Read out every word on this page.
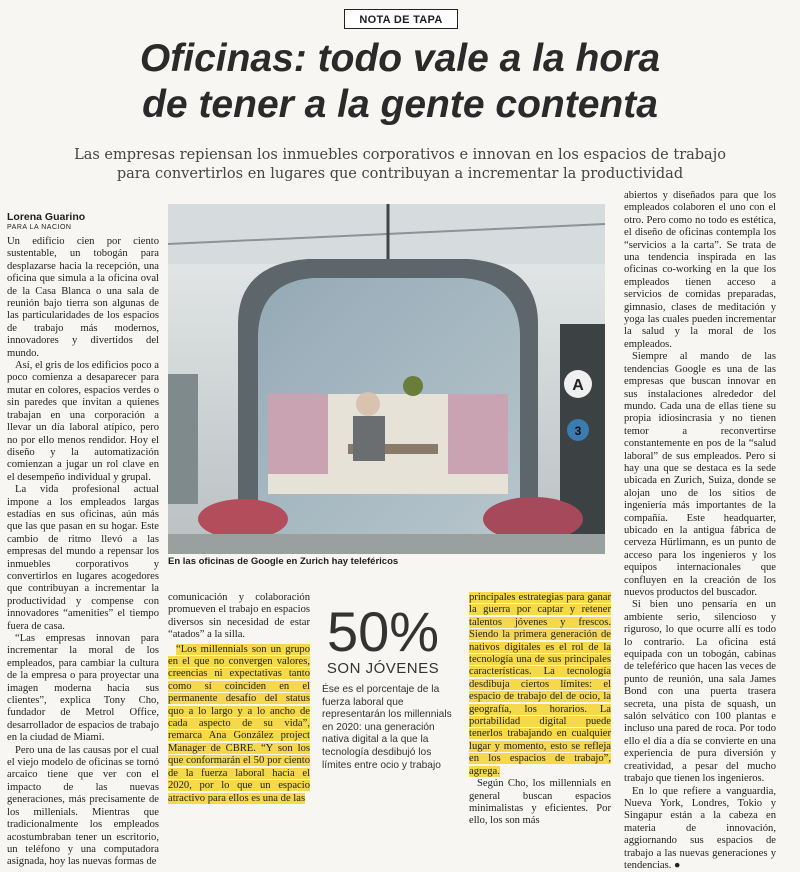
NOTA DE TAPA
Oficinas: todo vale a la hora
de tener a la gente contenta
Las empresas repiensan los inmuebles corporativos e innovan en los espacios de trabajo para convertirlos en lugares que contribuyan a incrementar la productividad
Lorena Guarino
PARA LA NACION

Un edificio cien por ciento sustentable, un tobogán para desplazarse hacia la recepción, una oficina que simula a la oficina oval de la Casa Blanca o una sala de reunión bajo tierra son algunas de las particularidades de los espacios de trabajo más modernos, innovadores y divertidos del mundo.

Así, el gris de los edificios poco a poco comienza a desaparecer para mutar en colores, espacios verdes o sin paredes que invitan a quienes trabajan en una corporación a llevar un día laboral atípico, pero no por ello menos rendidor. Hoy el diseño y la automatización comienzan a jugar un rol clave en el desempeño individual y grupal.

La vida profesional actual impone a los empleados largas estadías en sus oficinas, aún más que las que pasan en su hogar. Este cambio de ritmo llevó a las empresas del mundo a repensar los inmuebles corporativos y convertirlos en lugares acogedores que contribuyan a incrementar la productividad y compense con innovadores “amenities” el tiempo fuera de casa.

“Las empresas innovan para incrementar la moral de los empleados, para cambiar la cultura de la empresa o para proyectar una imagen moderna hacia sus clientes”, explica Tony Cho, fundador de Metrol Office, desarrollador de espacios de trabajo en la ciudad de Miami.

Pero una de las causas por el cual el viejo modelo de oficinas se tornó arcaico tiene que ver con el impacto de las nuevas generaciones, más precisamente de los millenials. Mientras que tradicionalmente los empleados acostumbraban tener un escritorio, un teléfono y una computadora asignada, hoy las nuevas formas de

A
3
En las oficinas de Google en Zurich hay teleféricos

comunicación y colaboración promueven el trabajo en espacios diversos sin necesidad de estar “atados” a la silla.

“Los millennials son un grupo en el que no convergen valores, creencias ni expectativas tanto como sí coinciden en el permanente desafío del status quo a lo largo y a lo ancho de cada aspecto de su vida”, remarca Ana González project Manager de CBRE. “Y son los que conformarán el 50 por ciento de la fuerza laboral hacia el 2020, por lo que un espacio atractivo para ellos es una de las

50%
SON JÓVENES
Ése es el porcentaje de la fuerza laboral que representarán los millennials en 2020: una generación nativa digital a la que la tecnología desdibujó los límites entre ocio y trabajo

principales estrategias para ganar la guerra por captar y retener talentos jóvenes y frescos. Siendo la primera generación de nativos digitales es el rol de la tecnología una de sus principales características. La tecnología desdibuja ciertos límites: el espacio de trabajo del de ocio, la geografía, los horarios. La portabilidad digital puede tenerlos trabajando en cualquier lugar y momento, esto se refleja en los espacios de trabajo”, agrega.

Según Cho, los millennials en general buscan espacios minimalistas y eficientes. Por ello, los son más

abiertos y diseñados para que los empleados colaboren el uno con el otro. Pero como no todo es estética, el diseño de oficinas contempla los “servicios a la carta”. Se trata de una tendencia inspirada en las oficinas co-working en la que los empleados tienen acceso a servicios de comidas preparadas, gimnasio, clases de meditación y yoga las cuales pueden incrementar la salud y la moral de los empleados.

Siempre al mando de las tendencias Google es una de las empresas que buscan innovar en sus instalaciones alrededor del mundo. Cada una de ellas tiene su propia idiosincrasia y no tienen temor a reconvertirse constantemente en pos de la “salud laboral” de sus empleados. Pero si hay una que se destaca es la sede ubicada en Zurich, Suiza, donde se alojan uno de los sitios de ingeniería más importantes de la compañía. Este headquarter, ubicado en la antigua fábrica de cerveza Hürlimann, es un punto de acceso para los ingenieros y los equipos internacionales que confluyen en la creación de los nuevos productos del buscador.

Si bien uno pensaría en un ambiente serio, silencioso y riguroso, lo que ocurre allí es todo lo contrario. La oficina está equipada con un tobogán, cabinas de teleférico que hacen las veces de punto de reunión, una sala James Bond con una puerta trasera secreta, una pista de squash, un salón selvático con 100 plantas e incluso una pared de roca. Por todo ello el día a día se convierte en una experiencia de pura diversión y creatividad, a pesar del mucho trabajo que tienen los ingenieros.

En lo que refiere a vanguardia, Nueva York, Londres, Tokio y Singapur están a la cabeza en materia de innovación, aggiornando sus espacios de trabajo a las nuevas generaciones y tendencias. ●
